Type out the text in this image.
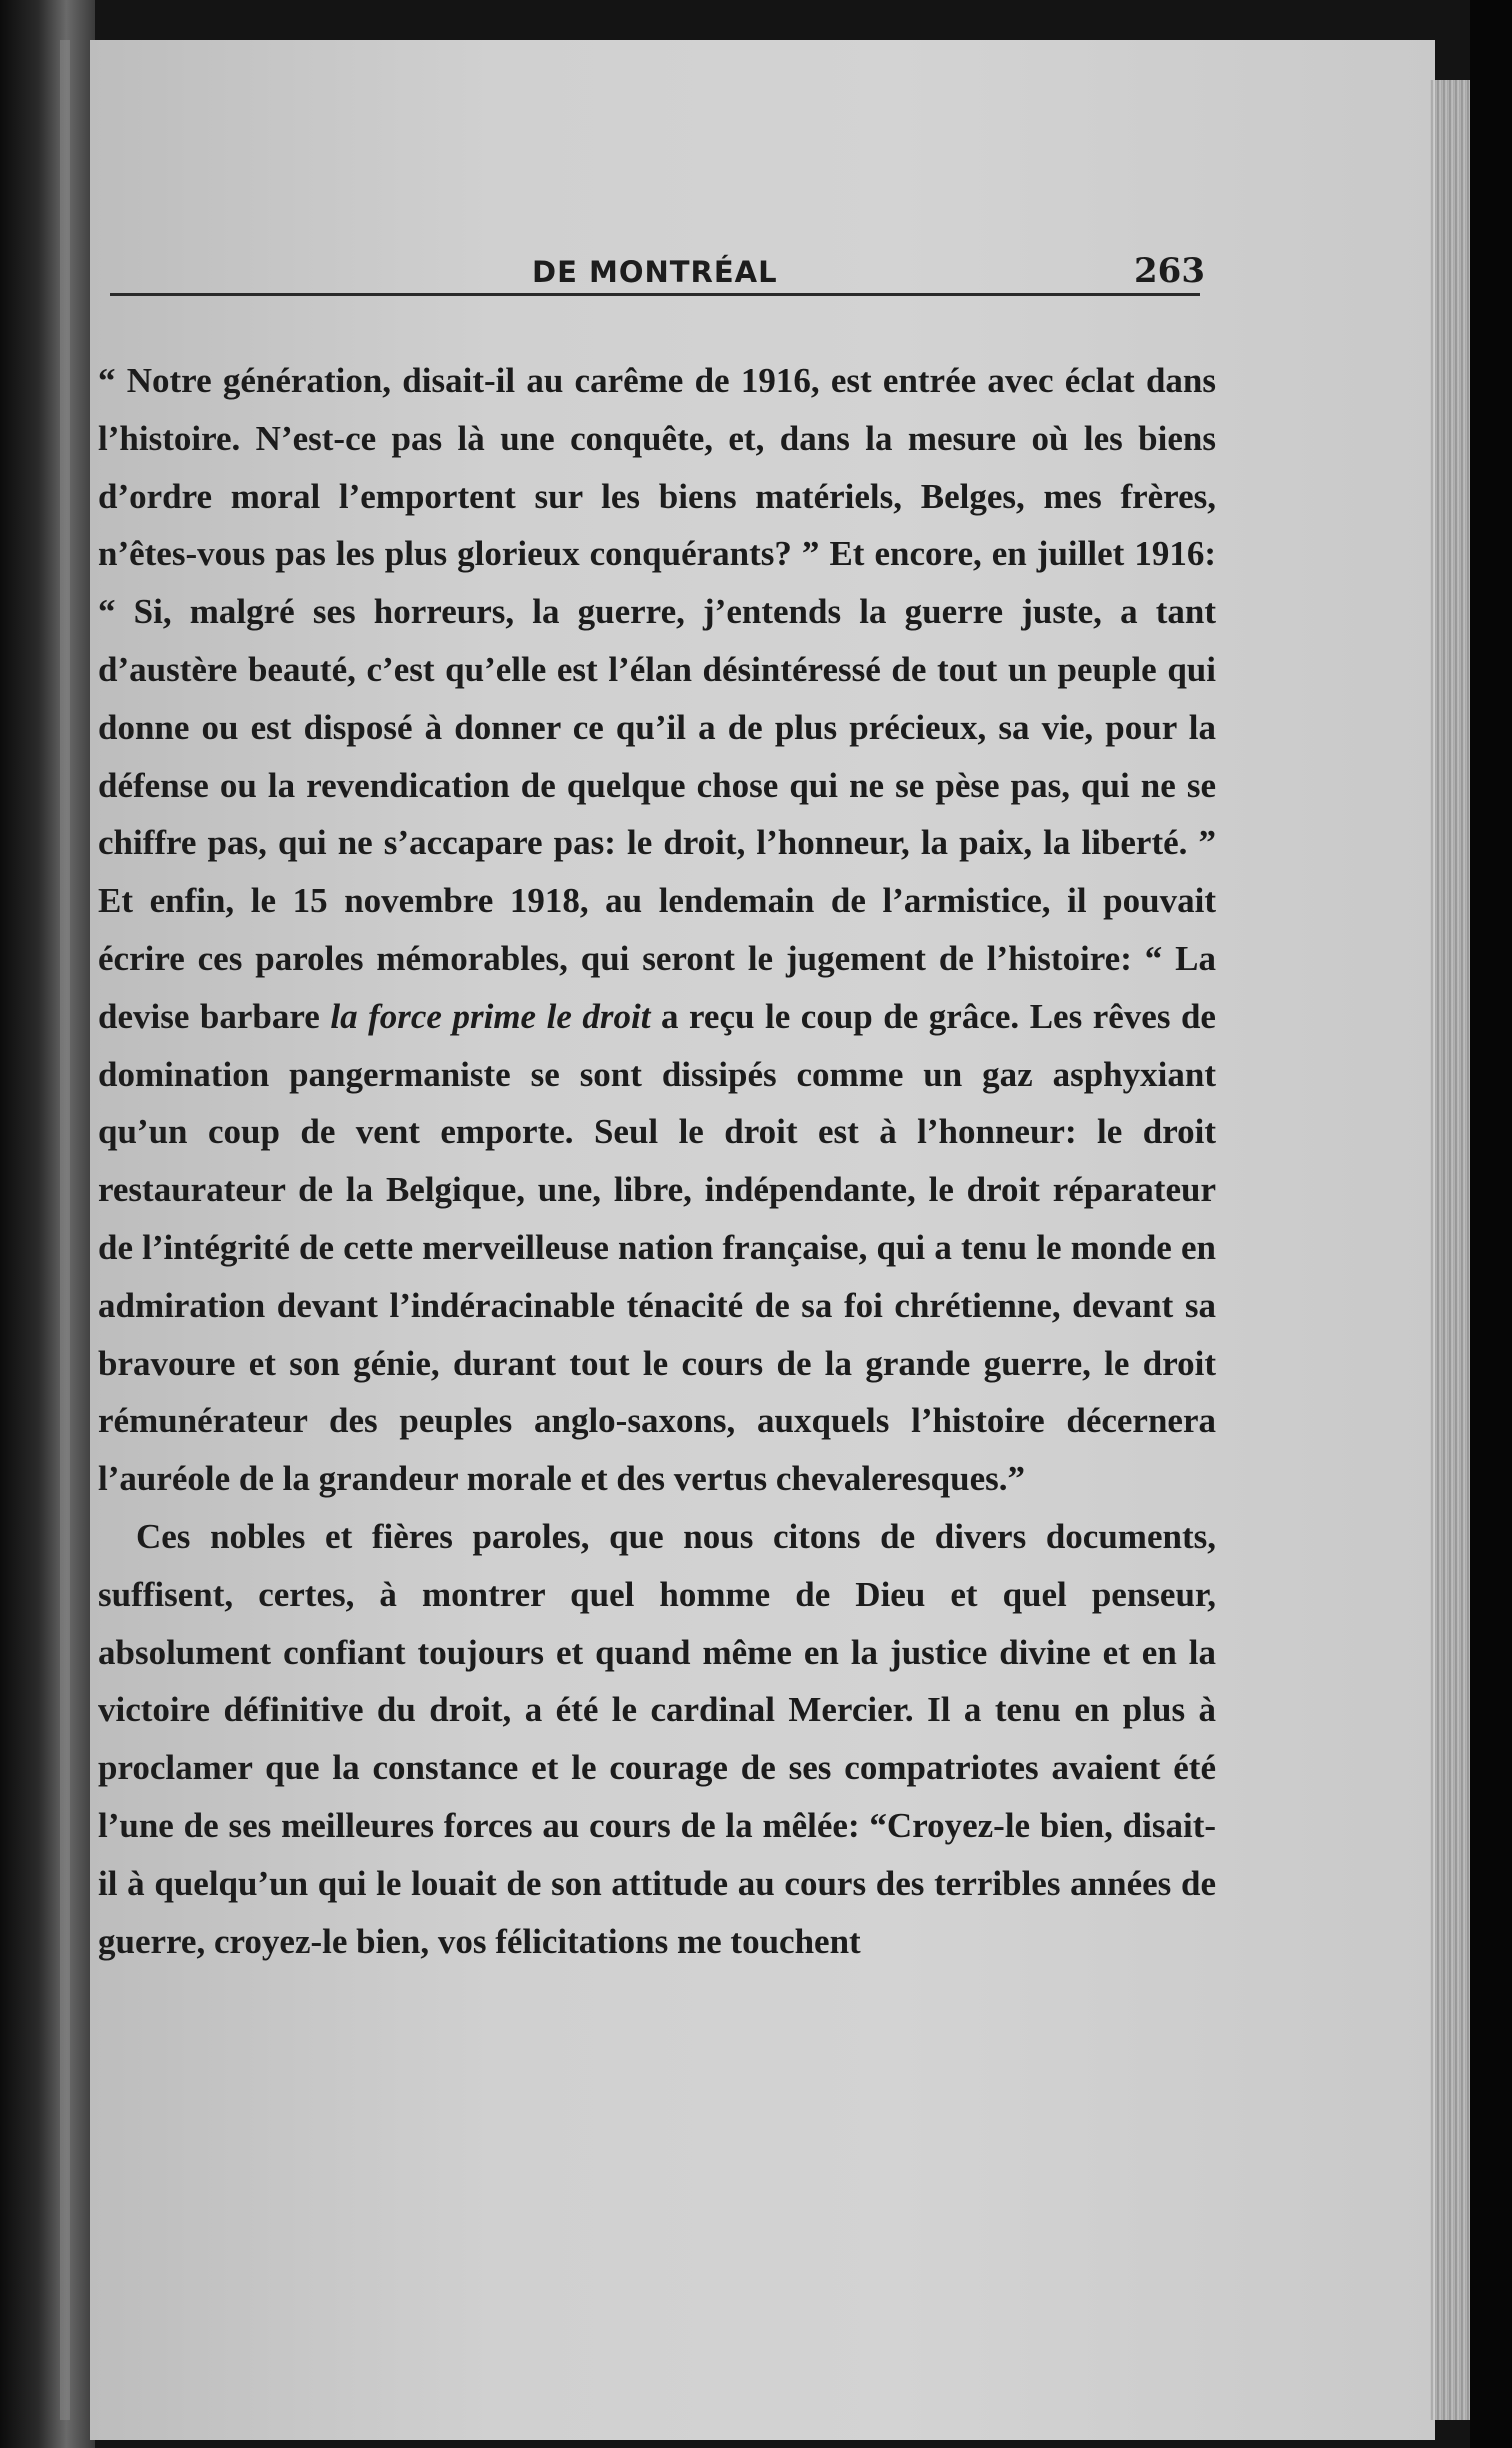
DE MONTRÉAL	263

“ Notre génération, disait-il au carême de 1916, est entrée avec éclat dans l’histoire. N’est-ce pas là une conquête, et, dans la mesure où les biens d’ordre moral l’emportent sur les biens matériels, Belges, mes frères, n’êtes-vous pas les plus glorieux conquérants? ” Et encore, en juillet 1916: “ Si, malgré ses horreurs, la guerre, j’entends la guerre juste, a tant d’austère beauté, c’est qu’elle est l’élan désintéressé de tout un peuple qui donne ou est disposé à donner ce qu’il a de plus précieux, sa vie, pour la défense ou la revendication de quelque chose qui ne se pèse pas, qui ne se chiffre pas, qui ne s’accapare pas: le droit, l’honneur, la paix, la liberté. ” Et enfin, le 15 novembre 1918, au lendemain de l’armistice, il pouvait écrire ces paroles mémorables, qui seront le jugement de l’histoire: “ La devise barbare la force prime le droit a reçu le coup de grâce. Les rêves de domination pangermaniste se sont dissipés comme un gaz asphyxiant qu’un coup de vent emporte. Seul le droit est à l’honneur: le droit restaurateur de la Belgique, une, libre, indépendante, le droit réparateur de l’intégrité de cette merveilleuse nation française, qui a tenu le monde en admiration devant l’indéracinable ténacité de sa foi chrétienne, devant sa bravoure et son génie, durant tout le cours de la grande guerre, le droit rémunérateur des peuples anglo-saxons, auxquels l’histoire décernera l’auréole de la grandeur morale et des vertus chevaleresques.”

Ces nobles et fières paroles, que nous citons de divers documents, suffisent, certes, à montrer quel homme de Dieu et quel penseur, absolument confiant toujours et quand même en la justice divine et en la victoire définitive du droit, a été le cardinal Mercier. Il a tenu en plus à proclamer que la constance et le courage de ses compatriotes avaient été l’une de ses meilleures forces au cours de la mêlée: “Croyez-le bien, disait-il à quelqu’un qui le louait de son attitude au cours des terribles années de guerre, croyez-le bien, vos félicitations me touchent
